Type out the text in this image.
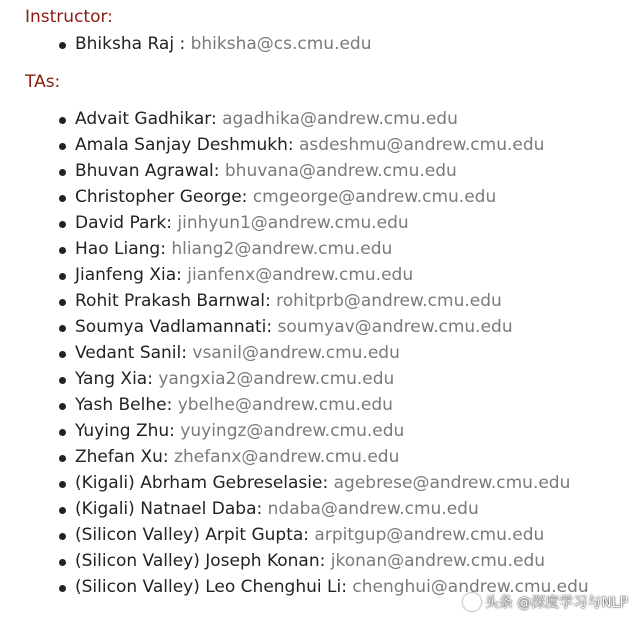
Instructor:
Bhiksha Raj : bhiksha@cs.cmu.edu
TAs:
Advait Gadhikar: agadhika@andrew.cmu.edu
Amala Sanjay Deshmukh: asdeshmu@andrew.cmu.edu
Bhuvan Agrawal: bhuvana@andrew.cmu.edu
Christopher George: cmgeorge@andrew.cmu.edu
David Park: jinhyun1@andrew.cmu.edu
Hao Liang: hliang2@andrew.cmu.edu
Jianfeng Xia: jianfenx@andrew.cmu.edu
Rohit Prakash Barnwal: rohitprb@andrew.cmu.edu
Soumya Vadlamannati: soumyav@andrew.cmu.edu
Vedant Sanil: vsanil@andrew.cmu.edu
Yang Xia: yangxia2@andrew.cmu.edu
Yash Belhe: ybelhe@andrew.cmu.edu
Yuying Zhu: yuyingz@andrew.cmu.edu
Zhefan Xu: zhefanx@andrew.cmu.edu
(Kigali) Abrham Gebreselasie: agebrese@andrew.cmu.edu
(Kigali) Natnael Daba: ndaba@andrew.cmu.edu
(Silicon Valley) Arpit Gupta: arpitgup@andrew.cmu.edu
(Silicon Valley) Joseph Konan: jkonan@andrew.cmu.edu
(Silicon Valley) Leo Chenghui Li: chenghui@andrew.cmu.edu
头条 @深度学习与NLP
